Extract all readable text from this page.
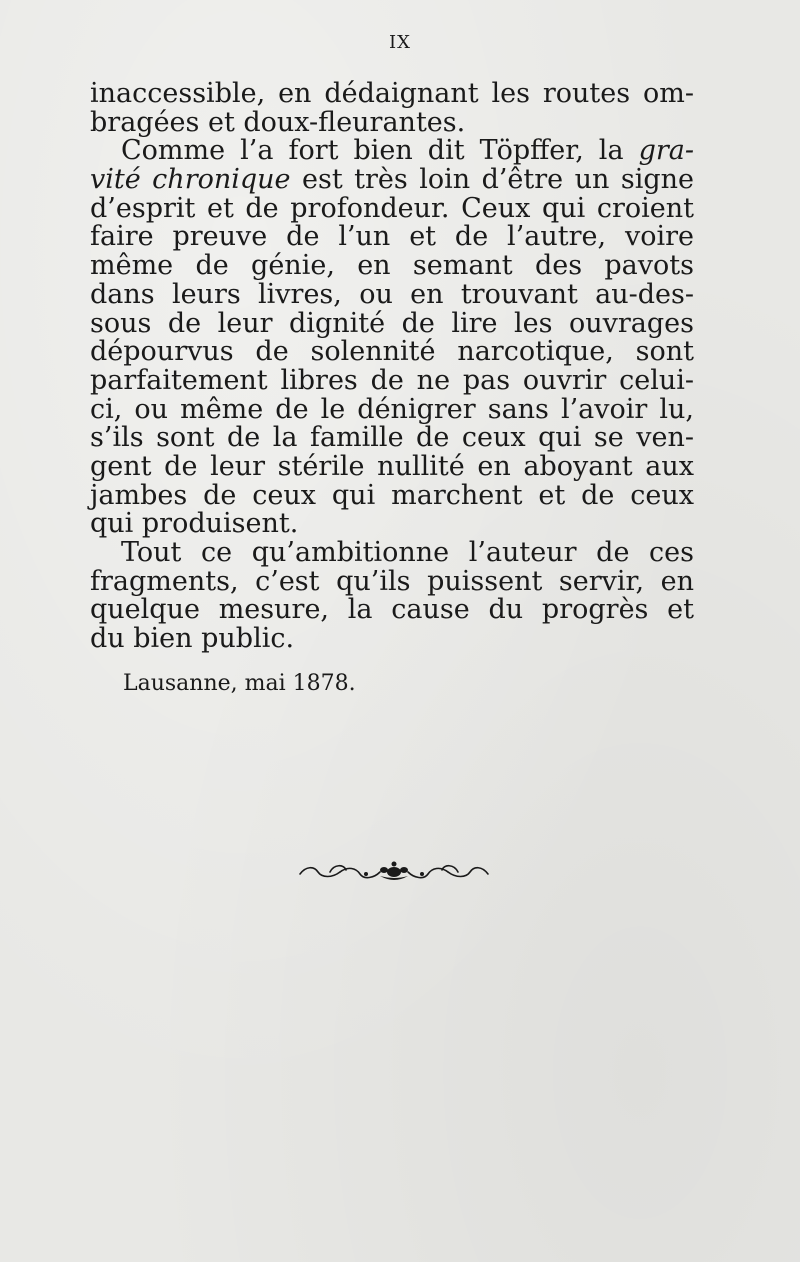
IX
inaccessible, en dédaignant les routes om-
bragées et doux-fleurantes.
Comme l’a fort bien dit Töpffer, la gra-
vité chronique est très loin d’être un signe
d’esprit et de profondeur. Ceux qui croient
faire preuve de l’un et de l’autre, voire
même de génie, en semant des pavots
dans leurs livres, ou en trouvant au-des-
sous de leur dignité de lire les ouvrages
dépourvus de solennité narcotique, sont
parfaitement libres de ne pas ouvrir celui-
ci, ou même de le dénigrer sans l’avoir lu,
s’ils sont de la famille de ceux qui se ven-
gent de leur stérile nullité en aboyant aux
jambes de ceux qui marchent et de ceux
qui produisent.
Tout ce qu’ambitionne l’auteur de ces
fragments, c’est qu’ils puissent servir, en
quelque mesure, la cause du progrès et
du bien public.
Lausanne, mai 1878.
